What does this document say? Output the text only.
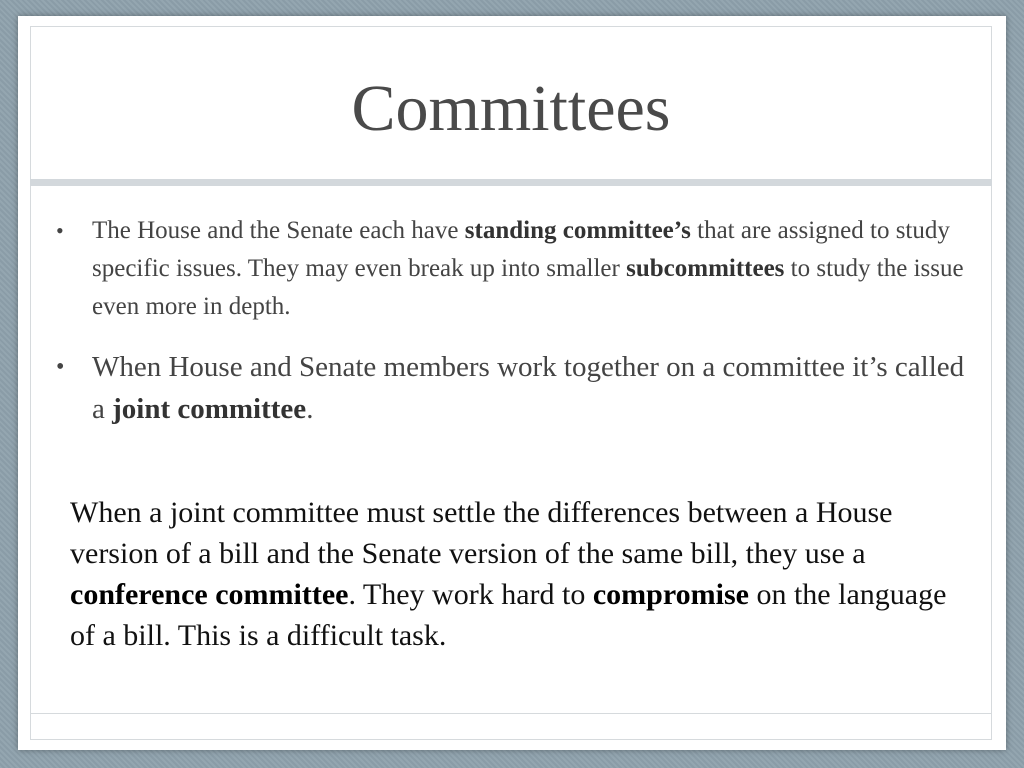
Committees
• The House and the Senate each have standing committee’s that are assigned to study specific issues. They may even break up into smaller subcommittees to study the issue even more in depth.
• When House and Senate members work together on a committee it’s called a joint committee.

When a joint committee must settle the differences between a House version of a bill and the Senate version of the same bill, they use a conference committee. They work hard to compromise on the language of a bill. This is a difficult task.
